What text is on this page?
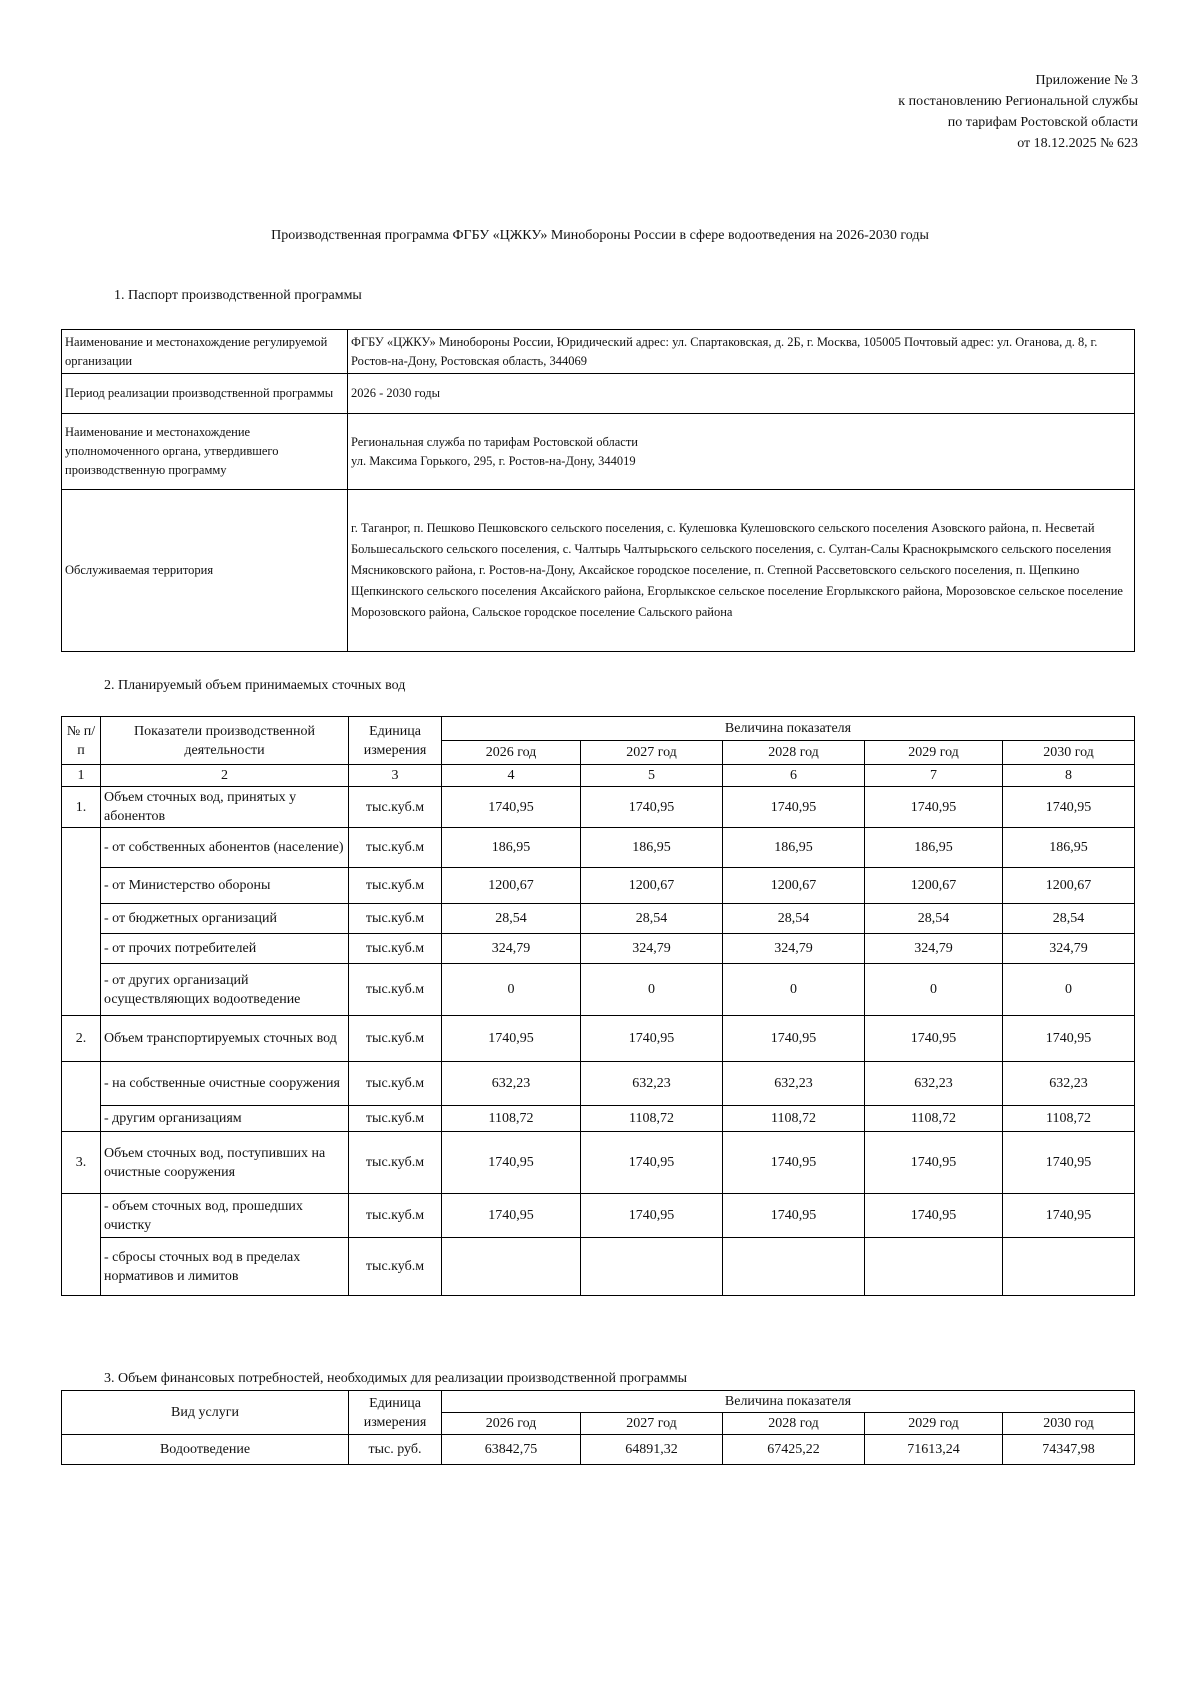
Приложение № 3
к постановлению Региональной службы
по тарифам Ростовской области
от 18.12.2025 № 623
Производственная программа ФГБУ «ЦЖКУ» Минобороны России в сфере водоотведения на 2026-2030 годы
1. Паспорт производственной программы
Наименование и местонахождение регулируемой организации	ФГБУ «ЦЖКУ» Минобороны России, Юридический адрес: ул. Спартаковская, д. 2Б, г. Москва, 105005 Почтовый адрес: ул. Оганова, д. 8, г. Ростов-на-Дону, Ростовская область, 344069
Период реализации производственной программы	2026 - 2030 годы
Наименование и местонахождение уполномоченного органа, утвердившего производственную программу	Региональная служба по тарифам Ростовской области
ул. Максима Горького, 295, г. Ростов-на-Дону, 344019

Обслуживаемая территория	г. Таганрог, п. Пешково Пешковского сельского поселения, с. Кулешовка Кулешовского сельского поселения Азовского района, п. Несветай Большесальского сельского поселения, с. Чалтырь Чалтырьского сельского поселения, с. Султан-Салы Краснокрымского сельского поселения Мясниковского района, г. Ростов-на-Дону, Аксайское городское поселение, п. Степной Рассветовского сельского поселения, п. Щепкино Щепкинского сельского поселения Аксайского района, Егорлыкское сельское поселение Егорлыкского района, Морозовское сельское поселение Морозовского района, Сальское городское поселение Сальского района
2. Планируемый объем принимаемых сточных вод
№ п/п	Показатели производственной деятельности	Единица измерения	Величина показателя				
			2026 год	2027 год	2028 год	2029 год	2030 год
1	2	3	4	5	6	7	8
1.	Объем сточных вод, принятых у абонентов	тыс.куб.м	1740,95	1740,95	1740,95	1740,95	1740,95
	- от собственных абонентов (население)	тыс.куб.м	186,95	186,95	186,95	186,95	186,95
	- от Министерство обороны	тыс.куб.м	1200,67	1200,67	1200,67	1200,67	1200,67
	- от бюджетных организаций	тыс.куб.м	28,54	28,54	28,54	28,54	28,54
	- от прочих потребителей	тыс.куб.м	324,79	324,79	324,79	324,79	324,79
	- от других организаций осуществляющих водоотведение	тыс.куб.м	0	0	0	0	0
2.	Объем транспортируемых сточных вод	тыс.куб.м	1740,95	1740,95	1740,95	1740,95	1740,95
	- на собственные очистные сооружения	тыс.куб.м	632,23	632,23	632,23	632,23	632,23
	- другим организациям	тыс.куб.м	1108,72	1108,72	1108,72	1108,72	1108,72
3.	Объем сточных вод, поступивших на очистные сооружения	тыс.куб.м	1740,95	1740,95	1740,95	1740,95	1740,95
	- объем сточных вод, прошедших очистку	тыс.куб.м	1740,95	1740,95	1740,95	1740,95	1740,95
	- сбросы сточных вод в пределах нормативов и лимитов	тыс.куб.м					
3. Объем финансовых потребностей, необходимых для реализации производственной программы
Вид услуги	Единица измерения	Величина показателя				
		2026 год	2027 год	2028 год	2029 год	2030 год
Водоотведение	тыс. руб.	63842,75	64891,32	67425,22	71613,24	74347,98
